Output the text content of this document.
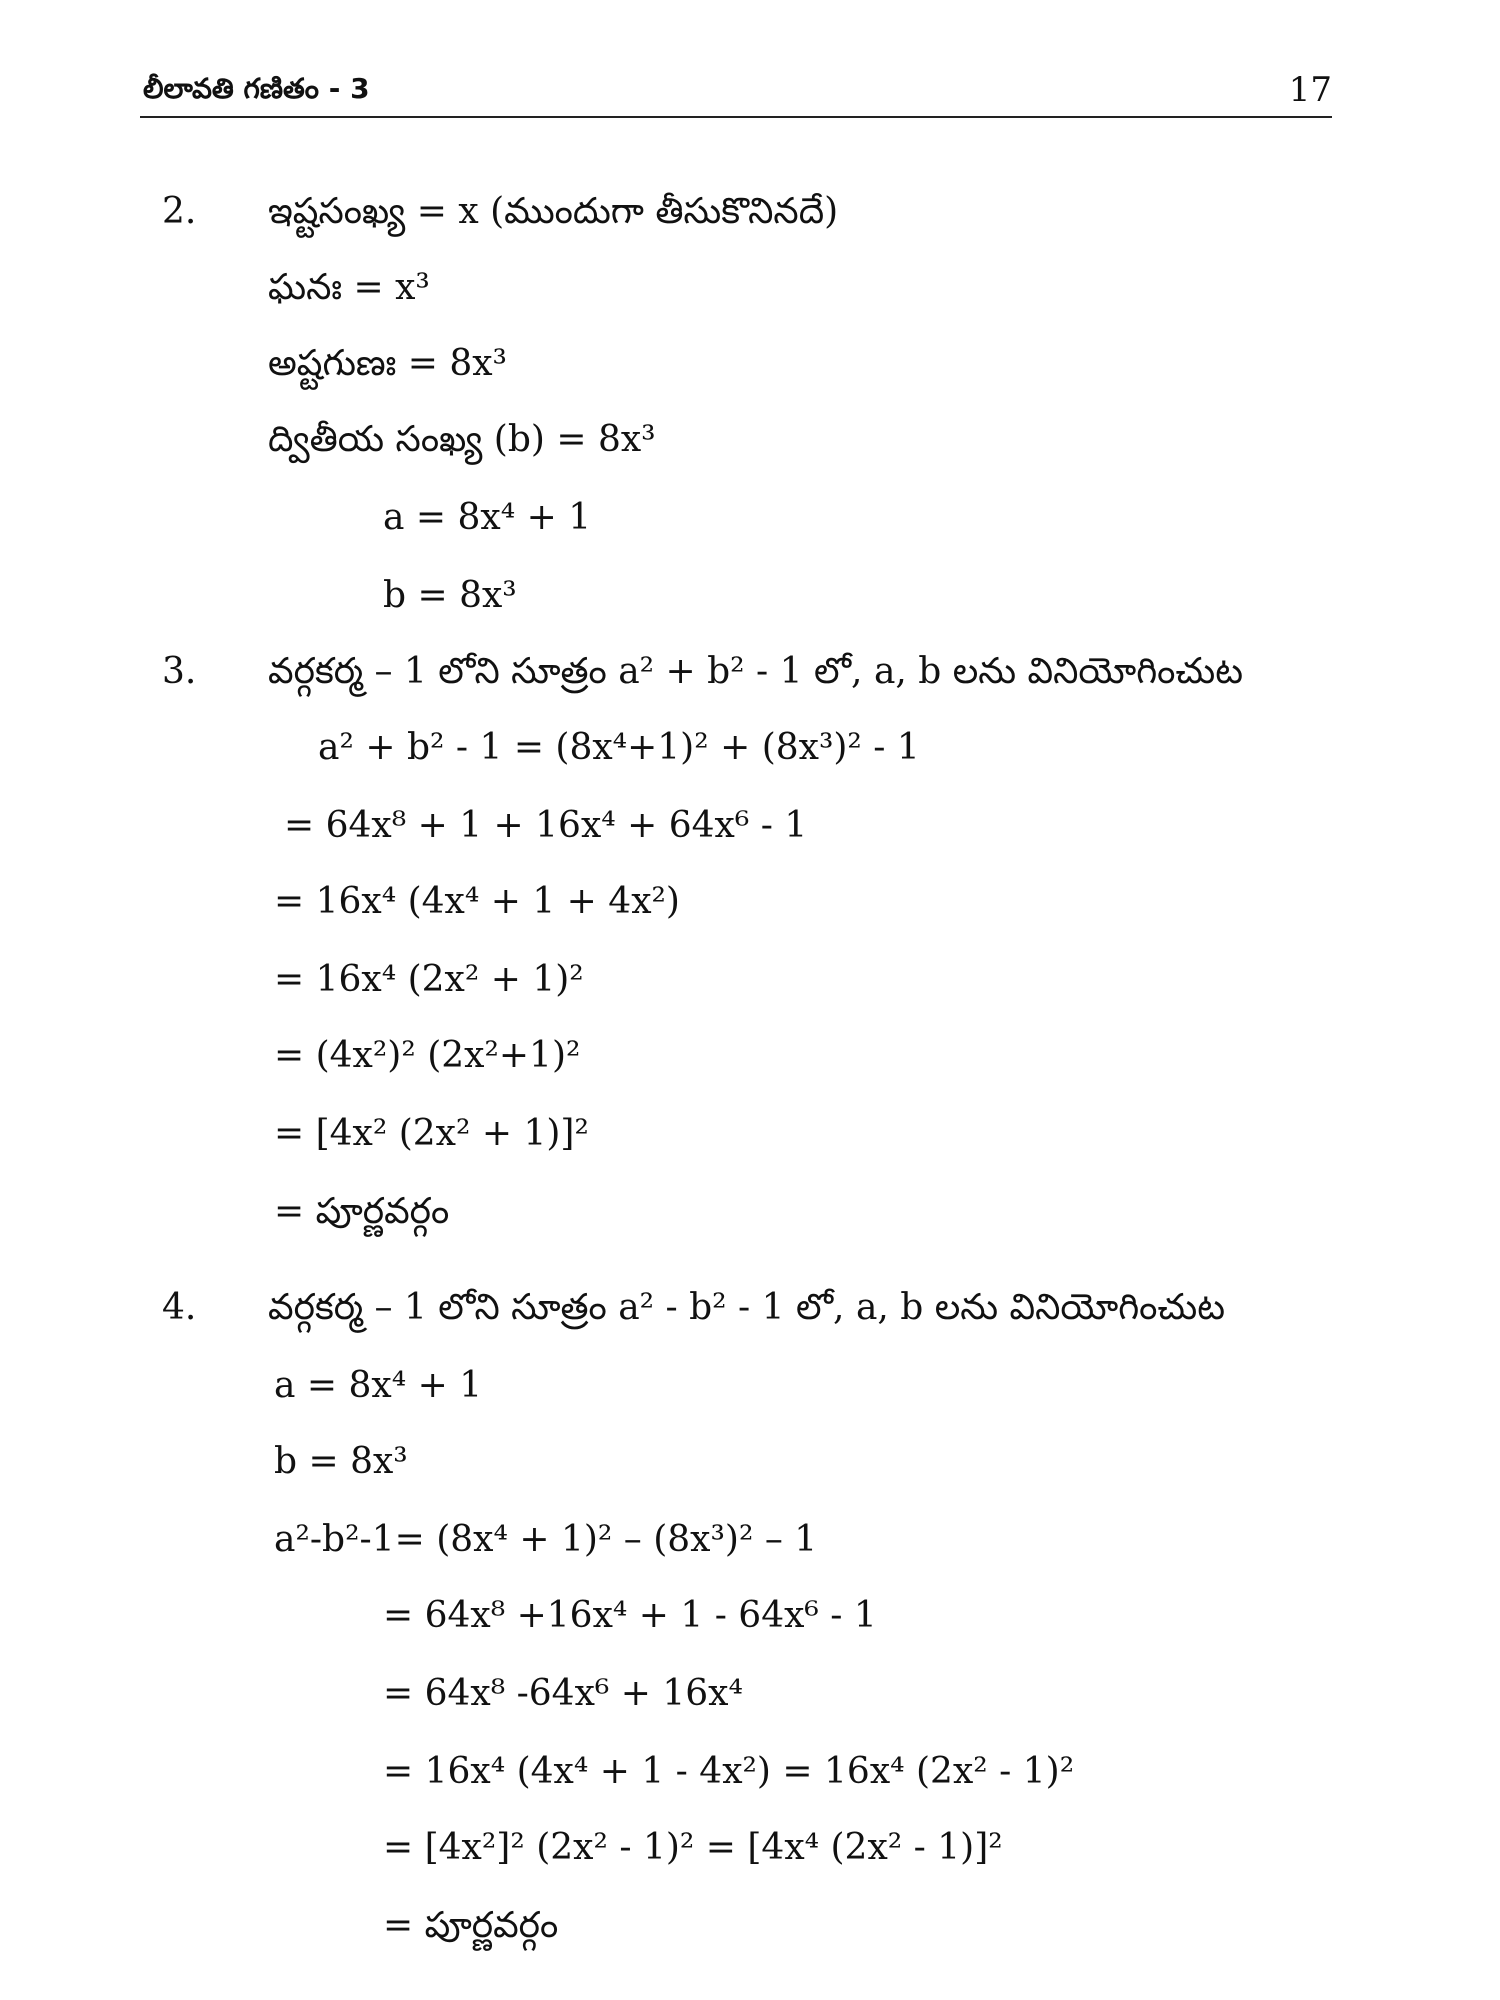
లీలావతి గణితం - 3	17
2. ఇష్టసంఖ్య = x (ముందుగా తీసుకొనినదే)
ఘనః = x³
అష్టగుణః = 8x³
ద్వితీయ సంఖ్య (b) = 8x³
a = 8x⁴ + 1
b = 8x³
3. వర్గకర్మ – 1 లోని సూత్రం a² + b² - 1 లో, a, b లను వినియోగించుట
a² + b² - 1 = (8x⁴+1)² + (8x³)² - 1
= 64x⁸ + 1 + 16x⁴ + 64x⁶ - 1
= 16x⁴ (4x⁴ + 1 + 4x²)
= 16x⁴ (2x² + 1)²
= (4x²)² (2x²+1)²
= [4x² (2x² + 1)]²
= పూర్ణవర్గం
4. వర్గకర్మ – 1 లోని సూత్రం a² - b² - 1 లో, a, b లను వినియోగించుట
a = 8x⁴ + 1
b = 8x³
a²-b²-1= (8x⁴ + 1)² – (8x³)² – 1
= 64x⁸ +16x⁴ + 1 - 64x⁶ - 1
= 64x⁸ -64x⁶ + 16x⁴
= 16x⁴ (4x⁴ + 1 - 4x²) = 16x⁴ (2x² - 1)²
= [4x²]² (2x² - 1)² = [4x⁴ (2x² - 1)]²
= పూర్ణవర్గం
